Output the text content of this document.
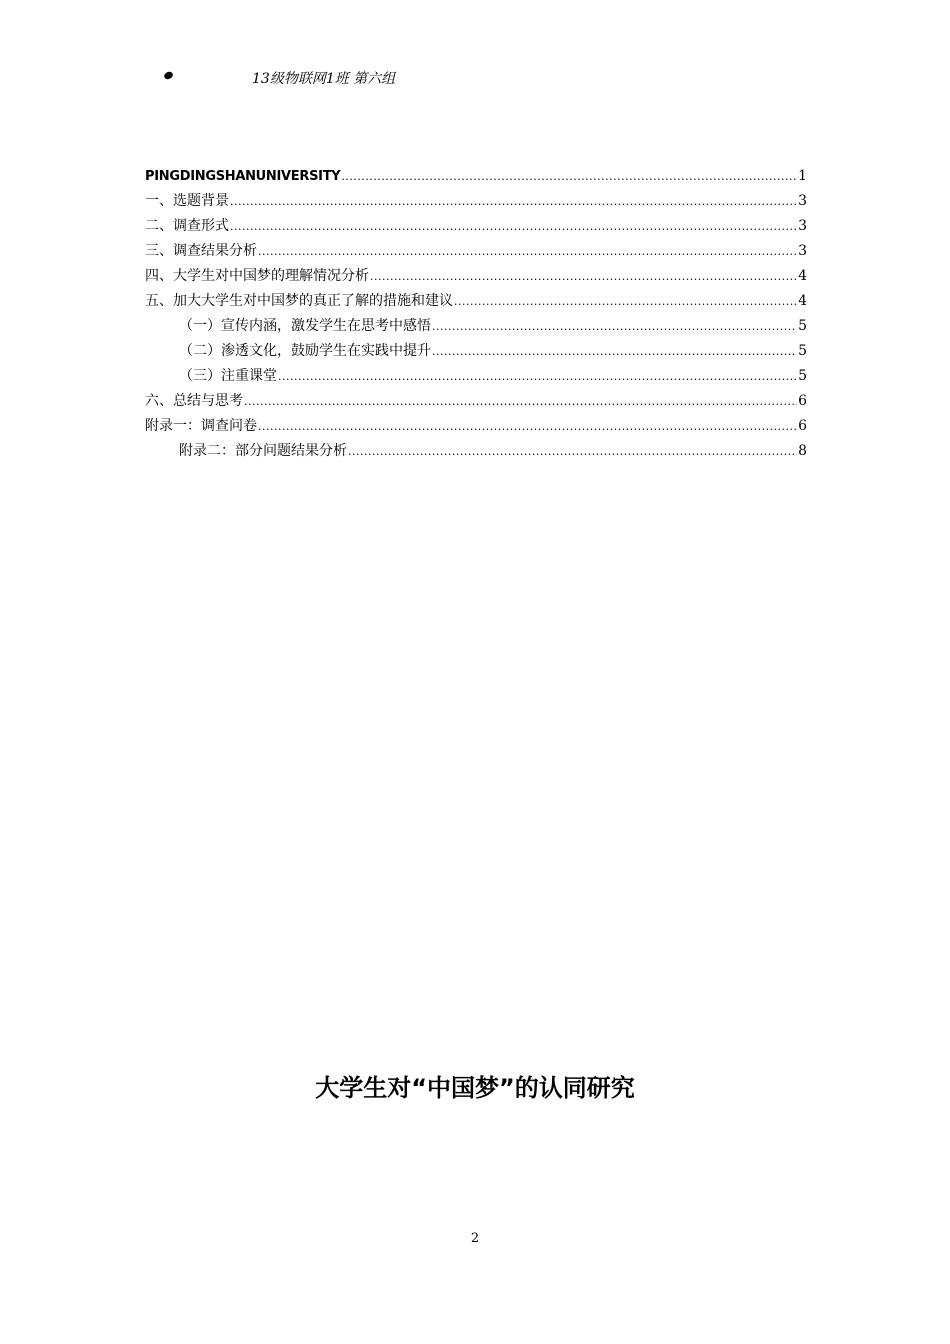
13级物联网1班 第六组
PINGDINGSHANUNIVERSITY .....	1
一、选题背景 .....	3
二、调查形式 .....	3
三、调查结果分析 .....	3
四、大学生对中国梦的理解情况分析 .....	4
五、加大大学生对中国梦的真正了解的措施和建议 .....	4
（一）宣传内涵，激发学生在思考中感悟 .....	5
（二）渗透文化，鼓励学生在实践中提升 .....	5
（三）注重课堂 .....	5
六、总结与思考 .....	6
附录一：调查问卷 .....	6
附录二：部分问题结果分析 .....	8
大学生对“中国梦”的认同研究
2
